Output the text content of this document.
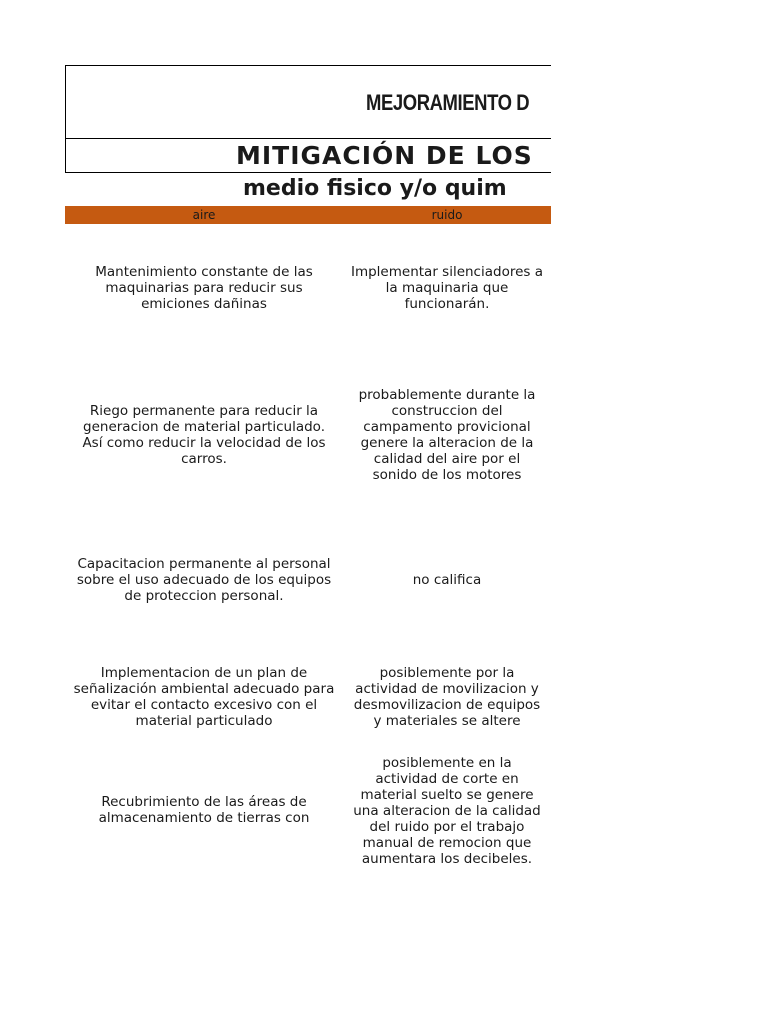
MEJORAMIENTO D
MITIGACIÓN DE LOS
medio fisico y/o quim
aire	ruido
Mantenimiento constante de las
maquinarias para reducir sus
emiciones dañinas
Implementar silenciadores a
la maquinaria que
funcionarán.
Riego permanente para reducir la
generacion de material particulado.
Así como reducir la velocidad de los
carros.
probablemente durante la
construccion del
campamento provicional
genere la alteracion de la
calidad del aire por el
sonido de los motores
Capacitacion permanente al personal
sobre el uso adecuado de los equipos
de proteccion personal.
no califica
Implementacion de un plan de
señalización ambiental adecuado para
evitar el contacto excesivo con el
material particulado
posiblemente por la
actividad de movilizacion y
desmovilizacion de equipos
y materiales se altere
Recubrimiento de las áreas de
almacenamiento de tierras con
posiblemente en la
actividad de corte en
material suelto se genere
una alteracion de la calidad
del ruido por el trabajo
manual de remocion que
aumentara los decibeles.
